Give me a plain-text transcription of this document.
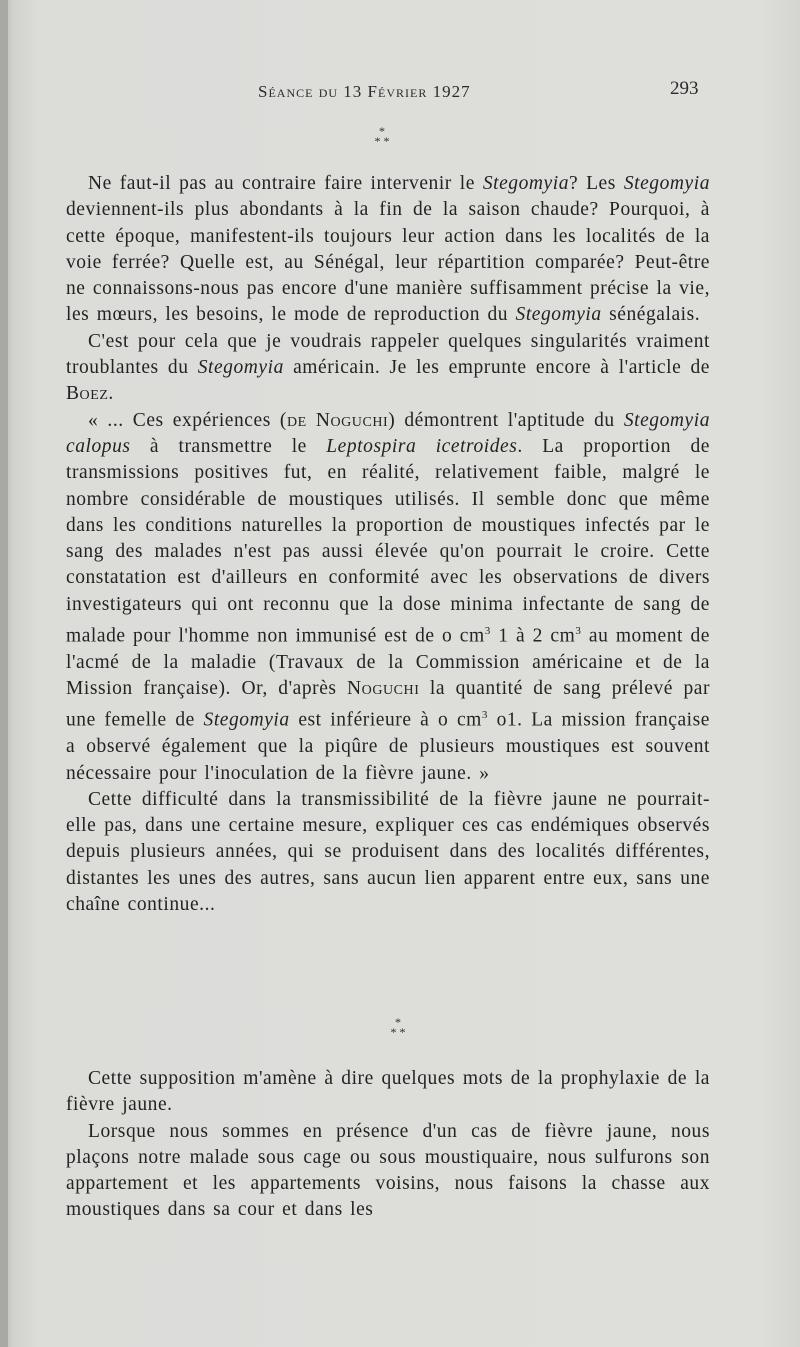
Séance du 13 Février 1927	293
*
* *

Ne faut-il pas au contraire faire intervenir le Stegomyia? Les Stegomyia deviennent-ils plus abondants à la fin de la saison chaude? Pourquoi, à cette époque, manifestent-ils toujours leur action dans les localités de la voie ferrée? Quelle est, au Sénégal, leur répartition comparée? Peut-être ne connaissons-nous pas encore d'une manière suffisamment précise la vie, les mœurs, les besoins, le mode de reproduction du Stegomyia sénégalais.

C'est pour cela que je voudrais rappeler quelques singularités vraiment troublantes du Stegomyia américain. Je les emprunte encore à l'article de Boez.

« ... Ces expériences (de Noguchi) démontrent l'aptitude du Stegomyia calopus à transmettre le Leptospira icetroides. La proportion de transmissions positives fut, en réalité, relativement faible, malgré le nombre considérable de moustiques utilisés. Il semble donc que même dans les conditions naturelles la proportion de moustiques infectés par le sang des malades n'est pas aussi élevée qu'on pourrait le croire. Cette constatation est d'ailleurs en conformité avec les observations de divers investigateurs qui ont reconnu que la dose minima infectante de sang de malade pour l'homme non immunisé est de o $cm^3$ 1 à 2 $cm^3$ au moment de l'acmé de la maladie (Travaux de la Commission américaine et de la Mission française). Or, d'après Noguchi la quantité de sang prélevé par une femelle de Stegomyia est inférieure à o $cm^3$ o1. La mission française a observé également que la piqûre de plusieurs moustiques est souvent nécessaire pour l'inoculation de la fièvre jaune. »

Cette difficulté dans la transmissibilité de la fièvre jaune ne pourrait-elle pas, dans une certaine mesure, expliquer ces cas endémiques observés depuis plusieurs années, qui se produisent dans des localités différentes, distantes les unes des autres, sans aucun lien apparent entre eux, sans une chaîne continue...

*
* *

Cette supposition m'amène à dire quelques mots de la prophylaxie de la fièvre jaune.

Lorsque nous sommes en présence d'un cas de fièvre jaune, nous plaçons notre malade sous cage ou sous moustiquaire, nous sulfurons son appartement et les appartements voisins, nous faisons la chasse aux moustiques dans sa cour et dans les
